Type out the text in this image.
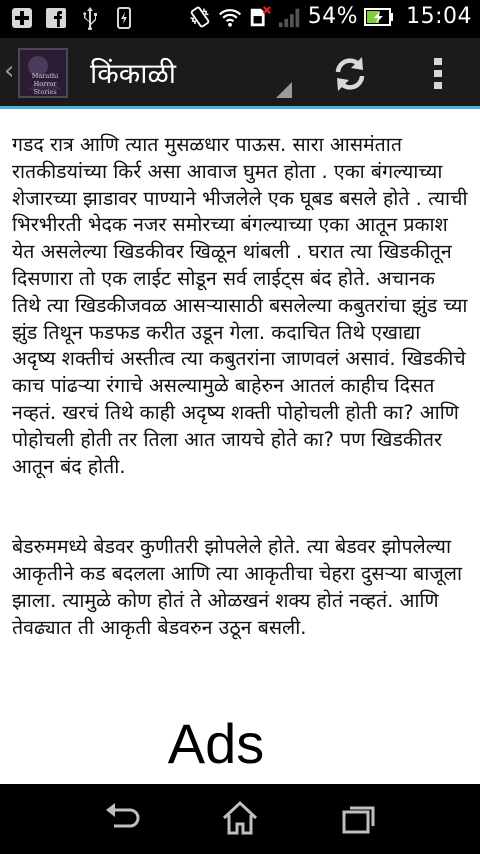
54% 15:04
‹	Marathi
Horror
Stories
किंकाळी

गडद रात्र आणि त्यात मुसळधार पाऊस. सारा आसमंतात रातकीडयांच्या किर्र असा आवाज घुमत होता . एका बंगल्याच्या शेजारच्या झाडावर पाण्याने भीजलेले एक घूबड बसले होते . त्याची भिरभीरती भेदक नजर समोरच्या बंगल्याच्या एका आतून प्रकाश येत असलेल्या खिडकीवर खिळून थांबली . घरात त्या खिडकीतून दिसणारा तो एक लाईट सोडून सर्व लाईट्स बंद होते. अचानक तिथे त्या खिडकीजवळ आसऱ्यासाठी बसलेल्या कबुतरांचा झुंड च्या झुंड तिथून फडफड करीत उडून गेला. कदाचित तिथे एखाद्या अदृष्य शक्तीचं अस्तीत्व त्या कबुतरांना जाणवलं असावं. खिडकीचे काच पांढऱ्या रंगाचे असल्यामुळे बाहेरुन आतलं काहीच दिसत नव्हतं. खरचं तिथे काही अदृष्य शक्ती पोहोचली होती का? आणि पोहोचली होती तर तिला आत जायचे होते का? पण खिडकीतर आतून बंद होती.

बेडरुममध्ये बेडवर कुणीतरी झोपलेले होते. त्या बेडवर झोपलेल्या आकृतीने कड बदलला आणि त्या आकृतीचा चेहरा दुसऱ्या बाजूला झाला. त्यामुळे कोण होतं ते ओळखनं शक्य होतं नव्हतं. आणि तेवढ्यात ती आकृती बेडवरुन उठून बसली.

Ads
